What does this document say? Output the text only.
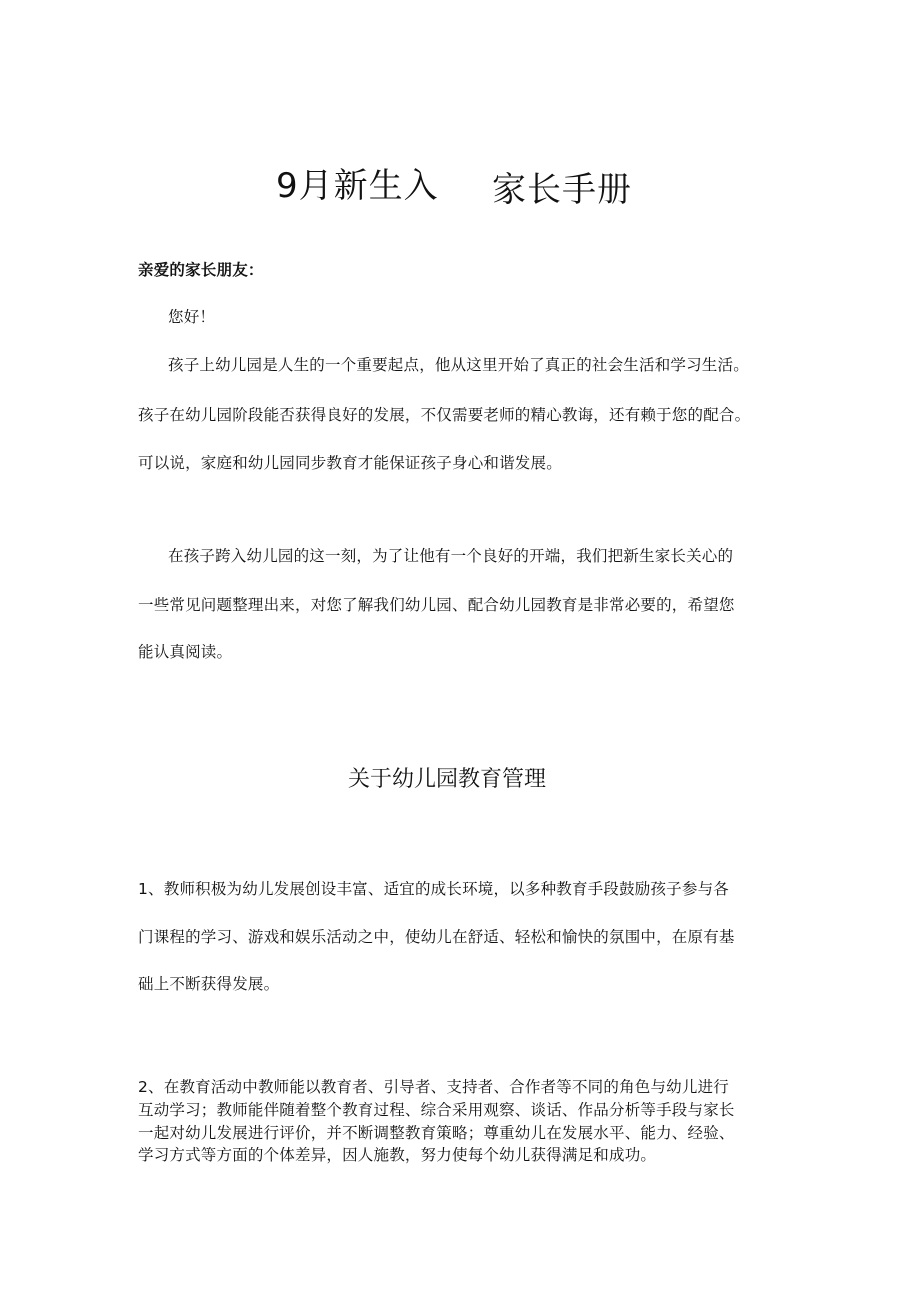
9月新生入 家长手册
亲爱的家长朋友：
您好！
孩子上幼儿园是人生的一个重要起点，他从这里开始了真正的社会生活和学习生活。
孩子在幼儿园阶段能否获得良好的发展，不仅需要老师的精心教诲，还有赖于您的配合。
可以说，家庭和幼儿园同步教育才能保证孩子身心和谐发展。
在孩子跨入幼儿园的这一刻，为了让他有一个良好的开端，我们把新生家长关心的
一些常见问题整理出来，对您了解我们幼儿园、配合幼儿园教育是非常必要的，希望您
能认真阅读。
关于幼儿园教育管理
1、教师积极为幼儿发展创设丰富、适宜的成长环境，以多种教育手段鼓励孩子参与各
门课程的学习、游戏和娱乐活动之中，使幼儿在舒适、轻松和愉快的氛围中，在原有基
础上不断获得发展。
2、在教育活动中教师能以教育者、引导者、支持者、合作者等不同的角色与幼儿进行
互动学习；教师能伴随着整个教育过程、综合采用观察、谈话、作品分析等手段与家长
一起对幼儿发展进行评价，并不断调整教育策略；尊重幼儿在发展水平、能力、经验、
学习方式等方面的个体差异，因人施教，努力使每个幼儿获得满足和成功。
